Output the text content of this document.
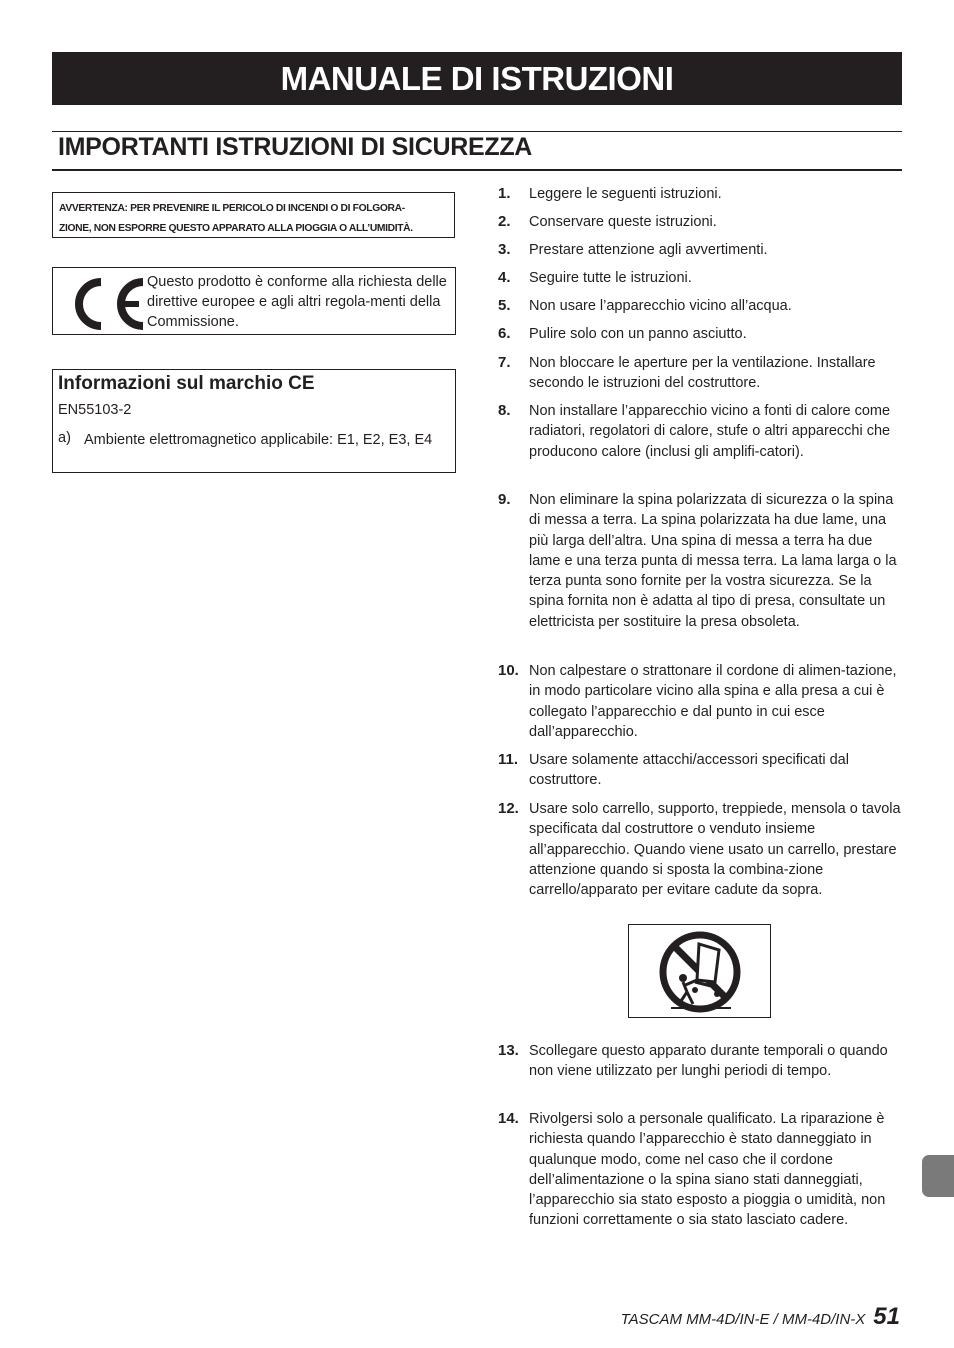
MANUALE DI ISTRUZIONI
IMPORTANTI ISTRUZIONI DI SICUREZZA
AVVERTENZA: PER PREVENIRE IL PERICOLO DI INCENDI O DI FOLGORA-
ZIONE, NON ESPORRE QUESTO APPARATO ALLA PIOGGIA O ALL’UMIDITÀ.
Questo prodotto è conforme alla richiesta delle direttive europee e agli altri regola-menti della Commissione.
Informazioni sul marchio CE
EN55103-2
a) Ambiente elettromagnetico applicabile: E1, E2, E3, E4
1. Leggere le seguenti istruzioni.
2. Conservare queste istruzioni.
3. Prestare attenzione agli avvertimenti.
4. Seguire tutte le istruzioni.
5. Non usare l’apparecchio vicino all’acqua.
6. Pulire solo con un panno asciutto.
7. Non bloccare le aperture per la ventilazione. Installare secondo le istruzioni del costruttore.
8. Non installare l’apparecchio vicino a fonti di calore come radiatori, regolatori di calore, stufe o altri apparecchi che producono calore (inclusi gli amplifi-catori).
9. Non eliminare la spina polarizzata di sicurezza o la spina di messa a terra. La spina polarizzata ha due lame, una più larga dell’altra. Una spina di messa a terra ha due lame e una terza punta di messa terra. La lama larga o la terza punta sono fornite per la vostra sicurezza. Se la spina fornita non è adatta al tipo di presa, consultate un elettricista per sostituire la presa obsoleta.
10. Non calpestare o strattonare il cordone di alimen-tazione, in modo particolare vicino alla spina e alla presa a cui è collegato l’apparecchio e dal punto in cui esce dall’apparecchio.
11. Usare solamente attacchi/accessori specificati dal costruttore.
12. Usare solo carrello, supporto, treppiede, mensola o tavola specificata dal costruttore o venduto insieme all’apparecchio. Quando viene usato un carrello, prestare attenzione quando si sposta la combina-zione carrello/apparato per evitare cadute da sopra.
13. Scollegare questo apparato durante temporali o quando non viene utilizzato per lunghi periodi di tempo.
14. Rivolgersi solo a personale qualificato. La riparazione è richiesta quando l’apparecchio è stato danneggiato in qualunque modo, come nel caso che il cordone dell’alimentazione o la spina siano stati danneggiati, l’apparecchio sia stato esposto a pioggia o umidità, non funzioni correttamente o sia stato lasciato cadere.
TASCAM MM-4D/IN-E / MM-4D/IN-X 51
